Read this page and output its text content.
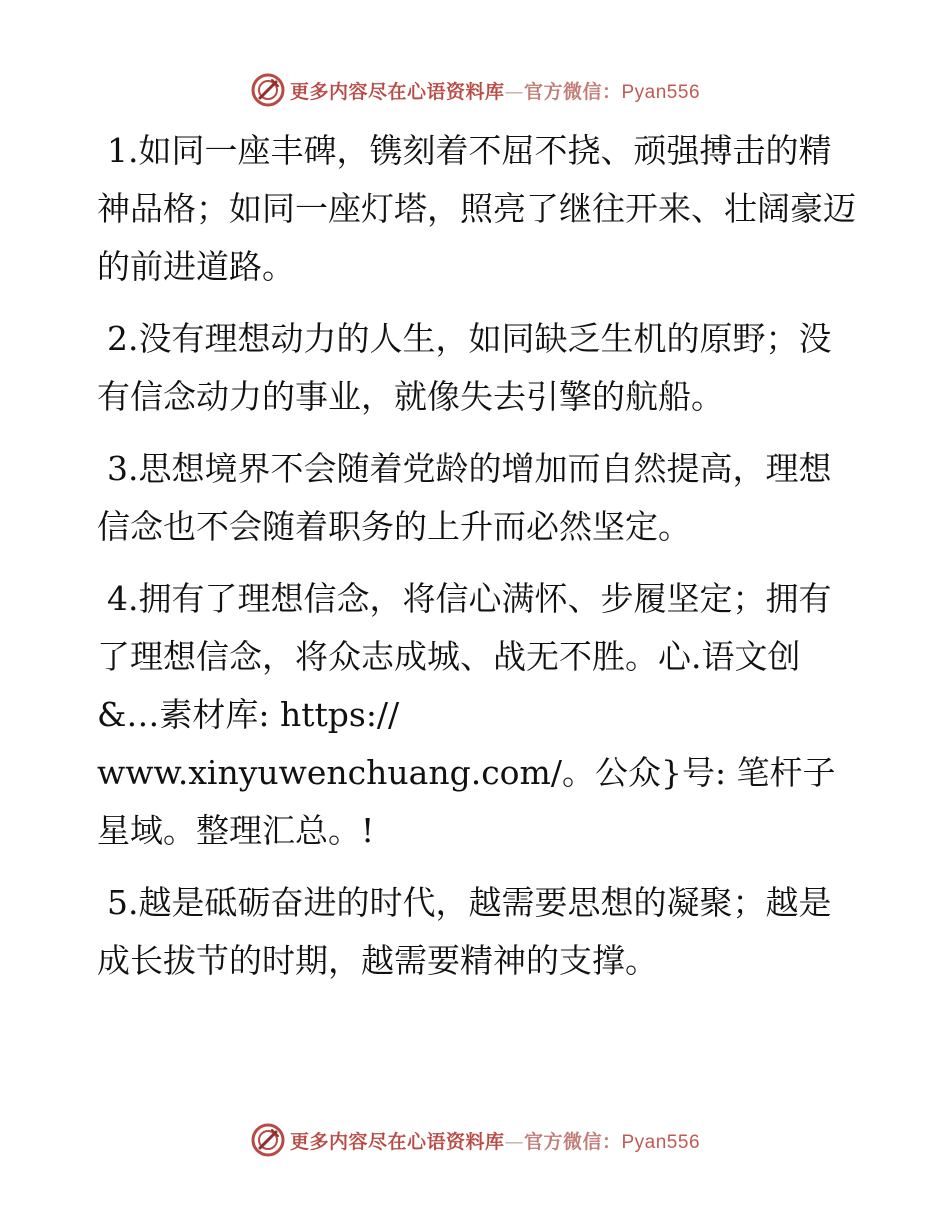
更多内容尽在心语资料库—官方微信：Pyan556

1.如同一座丰碑，镌刻着不屈不挠、顽强搏击的精神品格；如同一座灯塔，照亮了继往开来、壮阔豪迈的前进道路。

2.没有理想动力的人生，如同缺乏生机的原野；没有信念动力的事业，就像失去引擎的航船。

3.思想境界不会随着党龄的增加而自然提高，理想信念也不会随着职务的上升而必然坚定。

4.拥有了理想信念，将信心满怀、步履坚定；拥有了理想信念，将众志成城、战无不胜。心.语文创&…素材库: https://
www.xinyuwenchuang.com/。公众}号: 笔杆子星域。整理汇总。!

5.越是砥砺奋进的时代，越需要思想的凝聚；越是成长拔节的时期，越需要精神的支撑。

更多内容尽在心语资料库—官方微信：Pyan556
